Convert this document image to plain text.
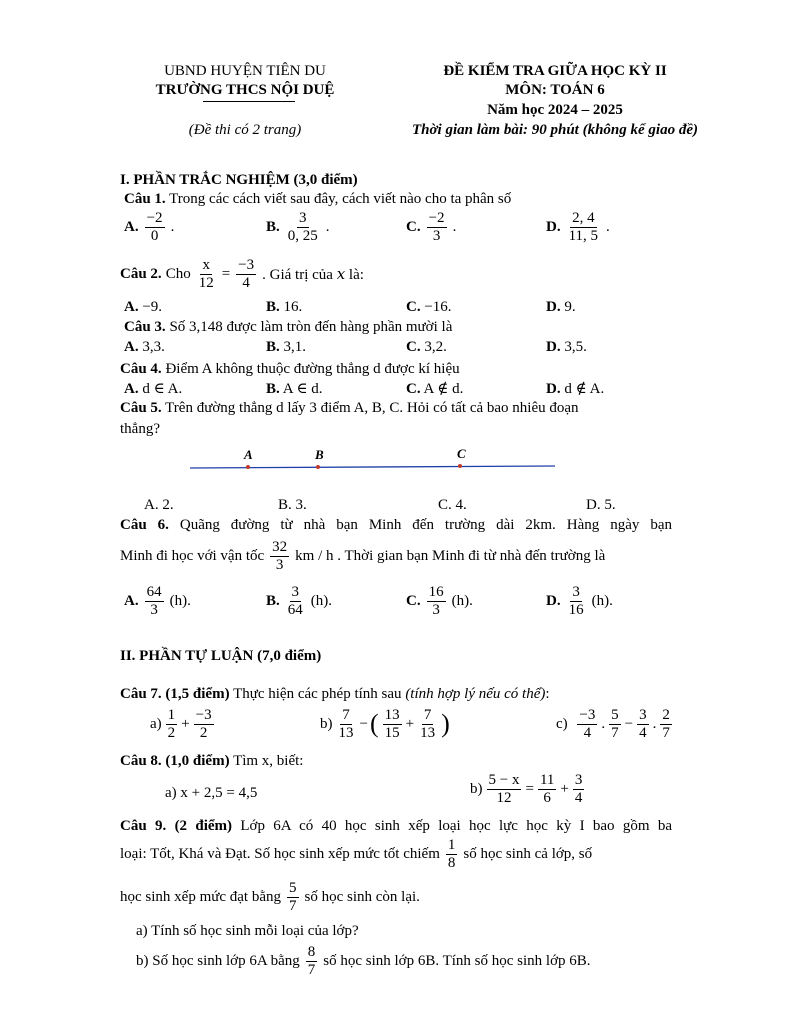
UBND HUYỆN TIÊN DU
TRƯỜNG THCS NỘI DUỆ
(Đề thi có 2 trang)
ĐỀ KIỂM TRA GIỮA HỌC KỲ II
MÔN: TOÁN 6
Năm học 2024 – 2025
Thời gian làm bài: 90 phút (không kể giao đề)
I. PHẦN TRẮC NGHIỆM (3,0 điểm)
Câu 1. Trong các cách viết sau đây, cách viết nào cho ta phân số
A. $\frac{-2}{0}$ .	B. $\frac{3}{0, 25}$ .	C. $\frac{-2}{3}$ .	D. $\frac{2, 4}{11, 5}$ .
Câu 2. Cho $\frac{x}{12} = \frac{-3}{4}$ . Giá trị của 𝑥 là:
A. −9.	B. 16.	C. −16.	D. 9.
Câu 3. Số 3,148 được làm tròn đến hàng phần mười là
A. 3,3.	B. 3,1.	C. 3,2.	D. 3,5.
Câu 4. Điểm A không thuộc đường thẳng d được kí hiệu
A. d ∈ A.	B. A ∈ d.	C. A ∉ d.	D. d ∉ A.
Câu 5. Trên đường thẳng d lấy 3 điểm A, B, C. Hỏi có tất cả bao nhiêu đoạn
thẳng?
A	B	C
A. 2.	B. 3.	C. 4.	D. 5.
Câu 6. Quãng đường từ nhà bạn Minh đến trường dài 2km. Hàng ngày bạn
Minh đi học với vận tốc $\frac{32}{3}$ km / h . Thời gian bạn Minh đi từ nhà đến trường là
A. $\frac{64}{3} (h)$.	B. $\frac{3}{64} (h)$.	C. $\frac{16}{3} (h)$.	D. $\frac{3}{16} (h)$.
II. PHẦN TỰ LUẬN (7,0 điểm)
Câu 7. (1,5 điểm) Thực hiện các phép tính sau (tính hợp lý nếu có thể):
$a) \frac{1}{2} + \frac{-3}{2}$	$b) \frac{7}{13}$ − ( $\frac{13}{15} + \frac{7}{13}$ )	c)
$\frac{-3}{4}$ . $\frac{5}{7} - \frac{3}{4}$ . $\frac{2}{7}$
Câu 8. (1,0 điểm) Tìm x, biết:
a) x + 2,5 = 4,5	$b) \frac{5 - x}{12} = \frac{11}{6} + \frac{3}{4}$
Câu 9. (2 điểm) Lớp 6A có 40 học sinh xếp loại học lực học kỳ I bao gồm ba
loại: Tốt, Khá và Đạt. Số học sinh xếp mức tốt chiếm $\frac{1}{8}$ số học sinh cả lớp, số
học sinh xếp mức đạt bằng $\frac{5}{7}$ số học sinh còn lại.
a) Tính số học sinh mỗi loại của lớp?
b) Số học sinh lớp 6A bằng $\frac{8}{7}$ số học sinh lớp 6B. Tính số học sinh lớp 6B.
